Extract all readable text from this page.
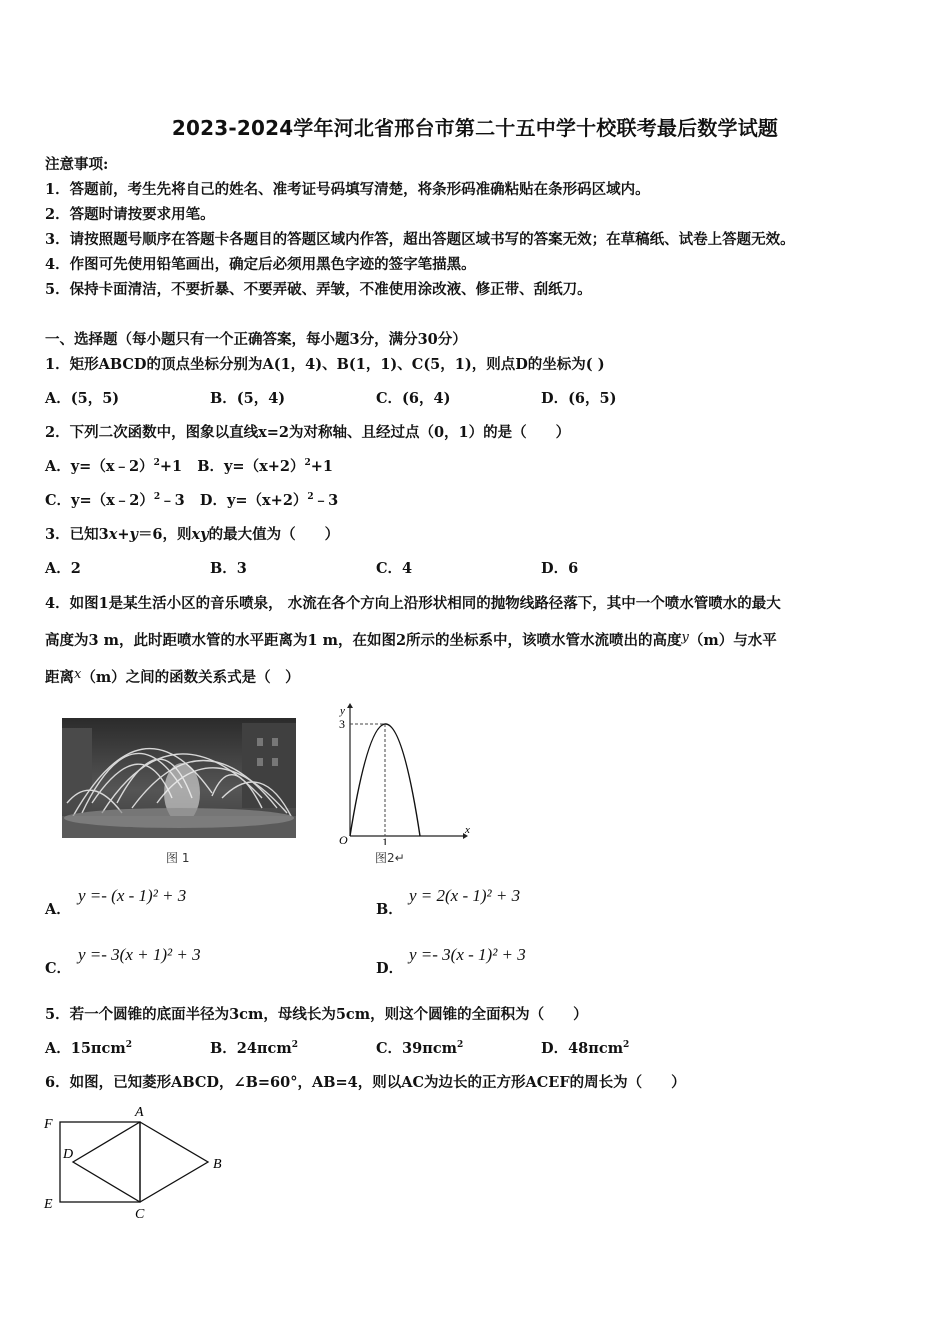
2023-2024学年河北省邢台市第二十五中学十校联考最后数学试题
注意事项:
1．答题前，考生先将自己的姓名、准考证号码填写清楚，将条形码准确粘贴在条形码区域内。
2．答题时请按要求用笔。
3．请按照题号顺序在答题卡各题目的答题区域内作答，超出答题区域书写的答案无效；在草稿纸、试卷上答题无效。
4．作图可先使用铅笔画出，确定后必须用黑色字迹的签字笔描黑。
5．保持卡面清洁，不要折暴、不要弄破、弄皱，不准使用涂改液、修正带、刮纸刀。
一、选择题（每小题只有一个正确答案，每小题3分，满分30分）
1．矩形ABCD的顶点坐标分别为A(1，4)、B(1，1)、C(5，1)，则点D的坐标为( )
A．(5，5)	B．(5，4)	C．(6，4)	D．(6，5)
2．下列二次函数中，图象以直线x=2为对称轴、且经过点（0，1）的是（　　）
A．y=（x﹣2）$^2$+1 B．$y=(x+2)^2+1$
C．y=（x﹣2）$^2$﹣3 D．$y=(x+2)^2﹣3$
3．已知3x+y＝6，则xy的最大值为（　　）
A．2	B．3	C．4	D．6
4．如图1是某生活小区的音乐喷泉， 水流在各个方向上沿形状相同的抛物线路径落下，其中一个喷水管喷水的最大
高度为3 m，此时距喷水管的水平距离为1 m，在如图2所示的坐标系中，该喷水管水流喷出的高度y（m）与水平
距离x（m）之间的函数关系式是（　）
图 1
y
x
O
3
1
图2↵
A．
y =- (x - 1)² + 3
B．
y = 2(x - 1)² + 3
C．
y =- 3(x + 1)² + 3
D．
y =- 3(x - 1)² + 3
5．若一个圆锥的底面半径为3cm，母线长为5cm，则这个圆锥的全面积为（　　）
A．15πcm$^2$	B．24πcm$^2$	C．39πcm$^2$	D．48πcm$^2$
6．如图，已知菱形ABCD，∠B=60°，AB=4，则以AC为边长的正方形ACEF的周长为（　　）
F
A
D
B
E
C
